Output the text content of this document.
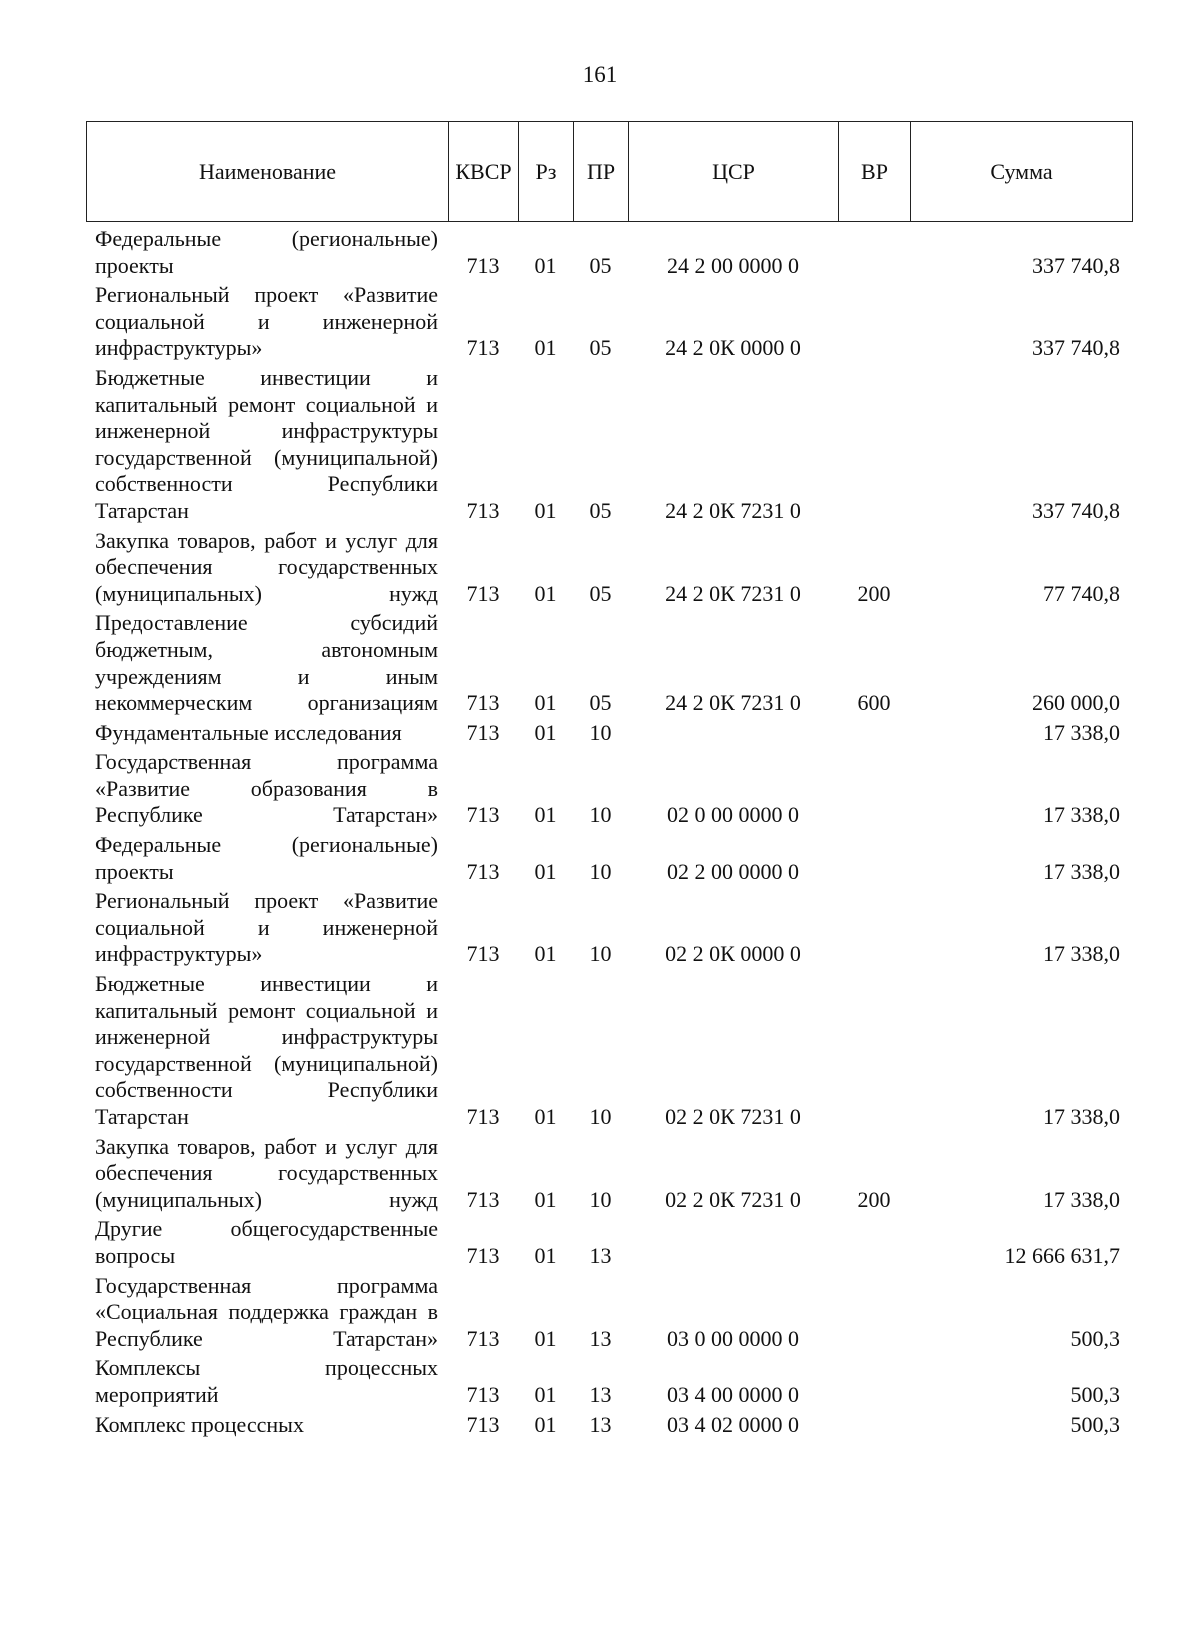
161
Наименование	КВСР	Рз	ПР	ЦСР	ВР	Сумма
Федеральные (региональные) проекты	713	01	05	24 2 00 0000 0		337 740,8
Региональный проект «Развитие социальной и инженерной инфраструктуры»	713	01	05	24 2 0К 0000 0		337 740,8
Бюджетные инвестиции и капитальный ремонт социальной и инженерной инфраструктуры государственной (муниципальной) собственности Республики Татарстан	713	01	05	24 2 0К 7231 0		337 740,8
Закупка товаров, работ и услуг для обеспечения государственных (муниципальных) нужд	713	01	05	24 2 0К 7231 0	200	77 740,8
Предоставление субсидий бюджетным, автономным учреждениям и иным некоммерческим организациям	713	01	05	24 2 0К 7231 0	600	260 000,0
Фундаментальные исследования	713	01	10			17 338,0
Государственная программа «Развитие образования в Республике Татарстан»	713	01	10	02 0 00 0000 0		17 338,0
Федеральные (региональные) проекты	713	01	10	02 2 00 0000 0		17 338,0
Региональный проект «Развитие социальной и инженерной инфраструктуры»	713	01	10	02 2 0К 0000 0		17 338,0
Бюджетные инвестиции и капитальный ремонт социальной и инженерной инфраструктуры государственной (муниципальной) собственности Республики Татарстан	713	01	10	02 2 0К 7231 0		17 338,0
Закупка товаров, работ и услуг для обеспечения государственных (муниципальных) нужд	713	01	10	02 2 0К 7231 0	200	17 338,0
Другие общегосударственные вопросы	713	01	13			12 666 631,7
Государственная программа «Социальная поддержка граждан в Республике Татарстан»	713	01	13	03 0 00 0000 0		500,3
Комплексы процессных мероприятий	713	01	13	03 4 00 0000 0		500,3
Комплекс процессных	713	01	13	03 4 02 0000 0		500,3
